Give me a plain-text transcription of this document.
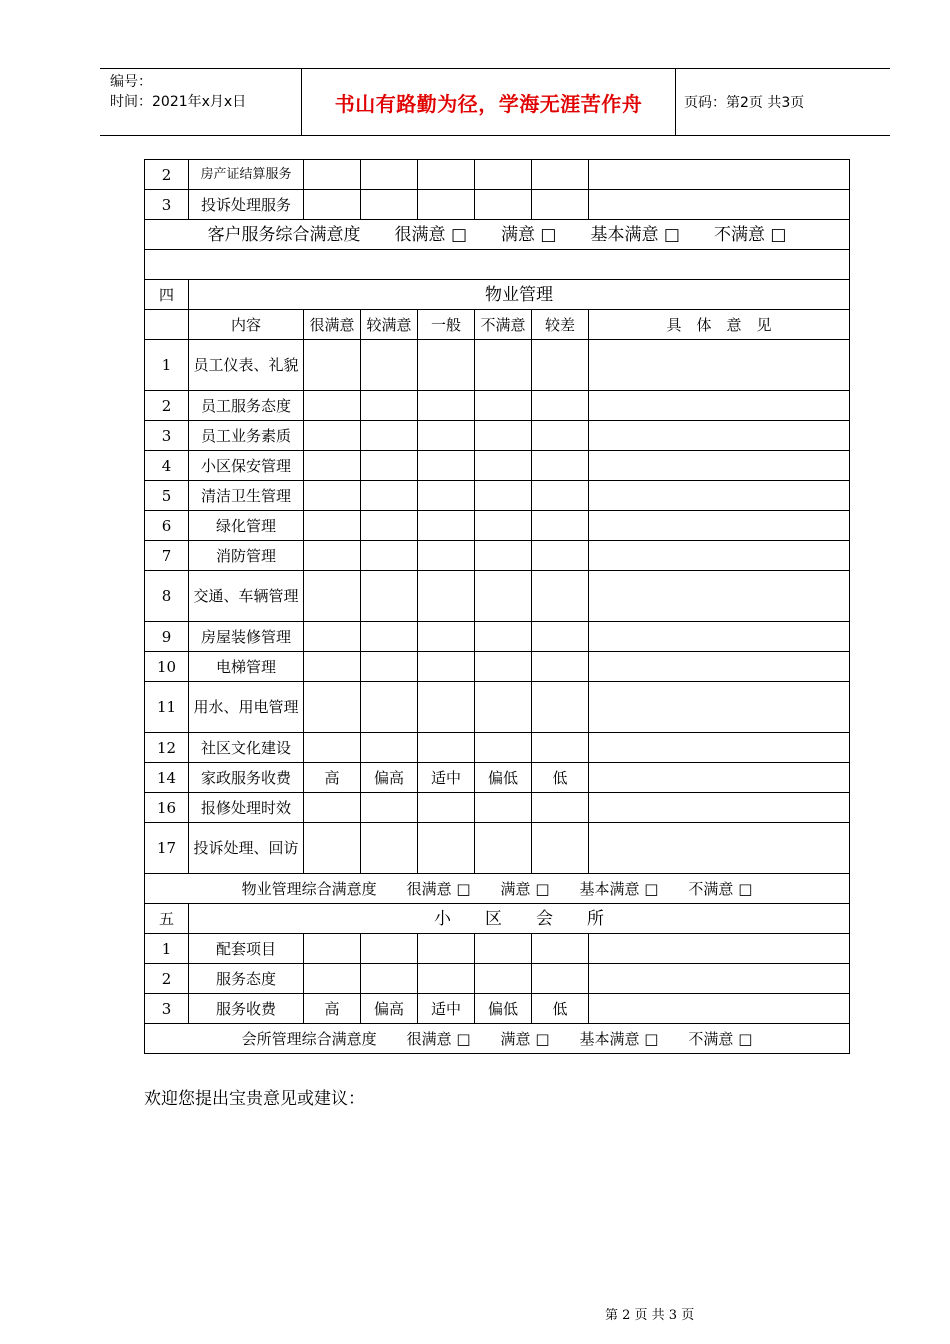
编号：
时间：2021年x月x日	书山有路勤为径，学海无涯苦作舟	页码：第2页 共3页
2	房产证结算服务						
3	投诉处理服务						
客户服务综合满意度　　很满意 □　　满意 □　　基本满意 □　　不满意 □							

四	物业管理						
	内容	很满意	较满意	一般	不满意	较差	具　体　意　见
1	员工仪表、礼貌						
2	员工服务态度						
3	员工业务素质						
4	小区保安管理						
5	清洁卫生管理						
6	绿化管理						
7	消防管理						
8	交通、车辆管理						
9	房屋装修管理						
10	电梯管理						
11	用水、用电管理						
12	社区文化建设						
14	家政服务收费	高	偏高	适中	偏低	低	
16	报修处理时效						
17	投诉处理、回访						
物业管理综合满意度　　很满意 □　　满意 □　　基本满意 □　　不满意 □							
五	小　　区　　会　　所						
1	配套项目						
2	服务态度						
3	服务收费	高	偏高	适中	偏低	低	
会所管理综合满意度　　很满意 □　　满意 □　　基本满意 □　　不满意 □							
欢迎您提出宝贵意见或建议：
第 2 页 共 3 页
